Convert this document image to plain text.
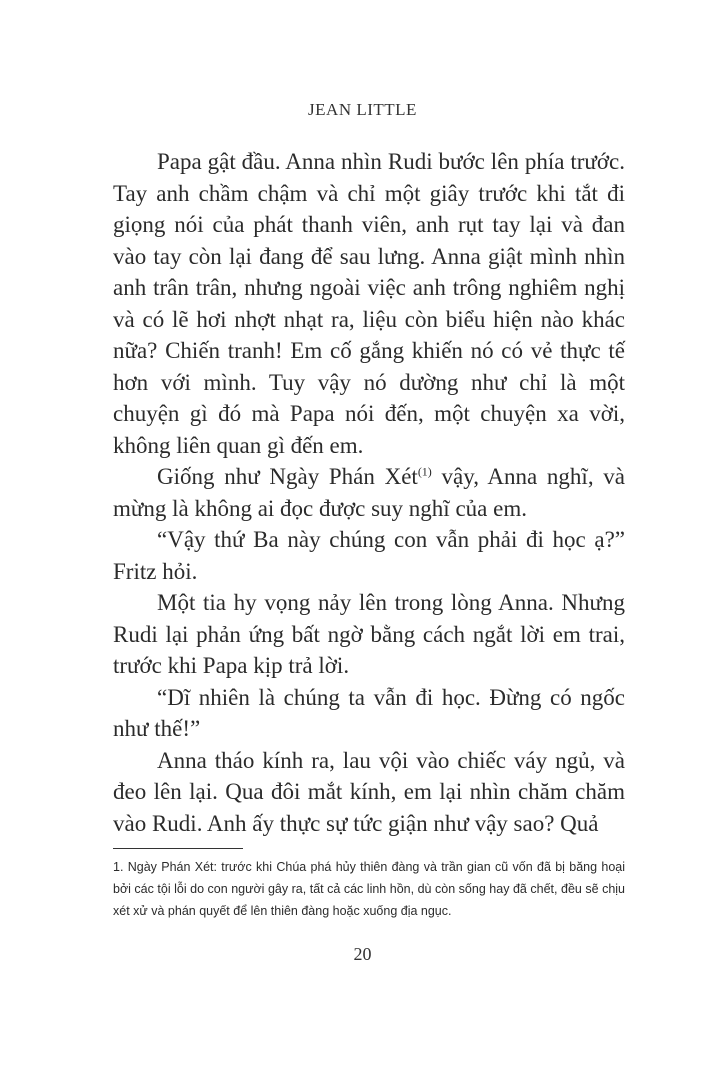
JEAN LITTLE

Papa gật đầu. Anna nhìn Rudi bước lên phía trước. Tay anh chầm chậm và chỉ một giây trước khi tắt đi giọng nói của phát thanh viên, anh rụt tay lại và đan vào tay còn lại đang để sau lưng. Anna giật mình nhìn anh trân trân, nhưng ngoài việc anh trông nghiêm nghị và có lẽ hơi nhợt nhạt ra, liệu còn biểu hiện nào khác nữa? Chiến tranh! Em cố gắng khiến nó có vẻ thực tế hơn với mình. Tuy vậy nó dường như chỉ là một chuyện gì đó mà Papa nói đến, một chuyện xa vời, không liên quan gì đến em.

Giống như Ngày Phán Xét$^{(1)}$ vậy, Anna nghĩ, và mừng là không ai đọc được suy nghĩ của em.

“Vậy thứ Ba này chúng con vẫn phải đi học ạ?” Fritz hỏi.

Một tia hy vọng nảy lên trong lòng Anna. Nhưng Rudi lại phản ứng bất ngờ bằng cách ngắt lời em trai, trước khi Papa kịp trả lời.

“Dĩ nhiên là chúng ta vẫn đi học. Đừng có ngốc như thế!”

Anna tháo kính ra, lau vội vào chiếc váy ngủ, và đeo lên lại. Qua đôi mắt kính, em lại nhìn chăm chăm vào Rudi. Anh ấy thực sự tức giận như vậy sao? Quả

1. Ngày Phán Xét: trước khi Chúa phá hủy thiên đàng và trần gian cũ vốn đã bị băng hoại bởi các tội lỗi do con người gây ra, tất cả các linh hồn, dù còn sống hay đã chết, đều sẽ chịu xét xử và phán quyết để lên thiên đàng hoặc xuống địa ngục.

20
